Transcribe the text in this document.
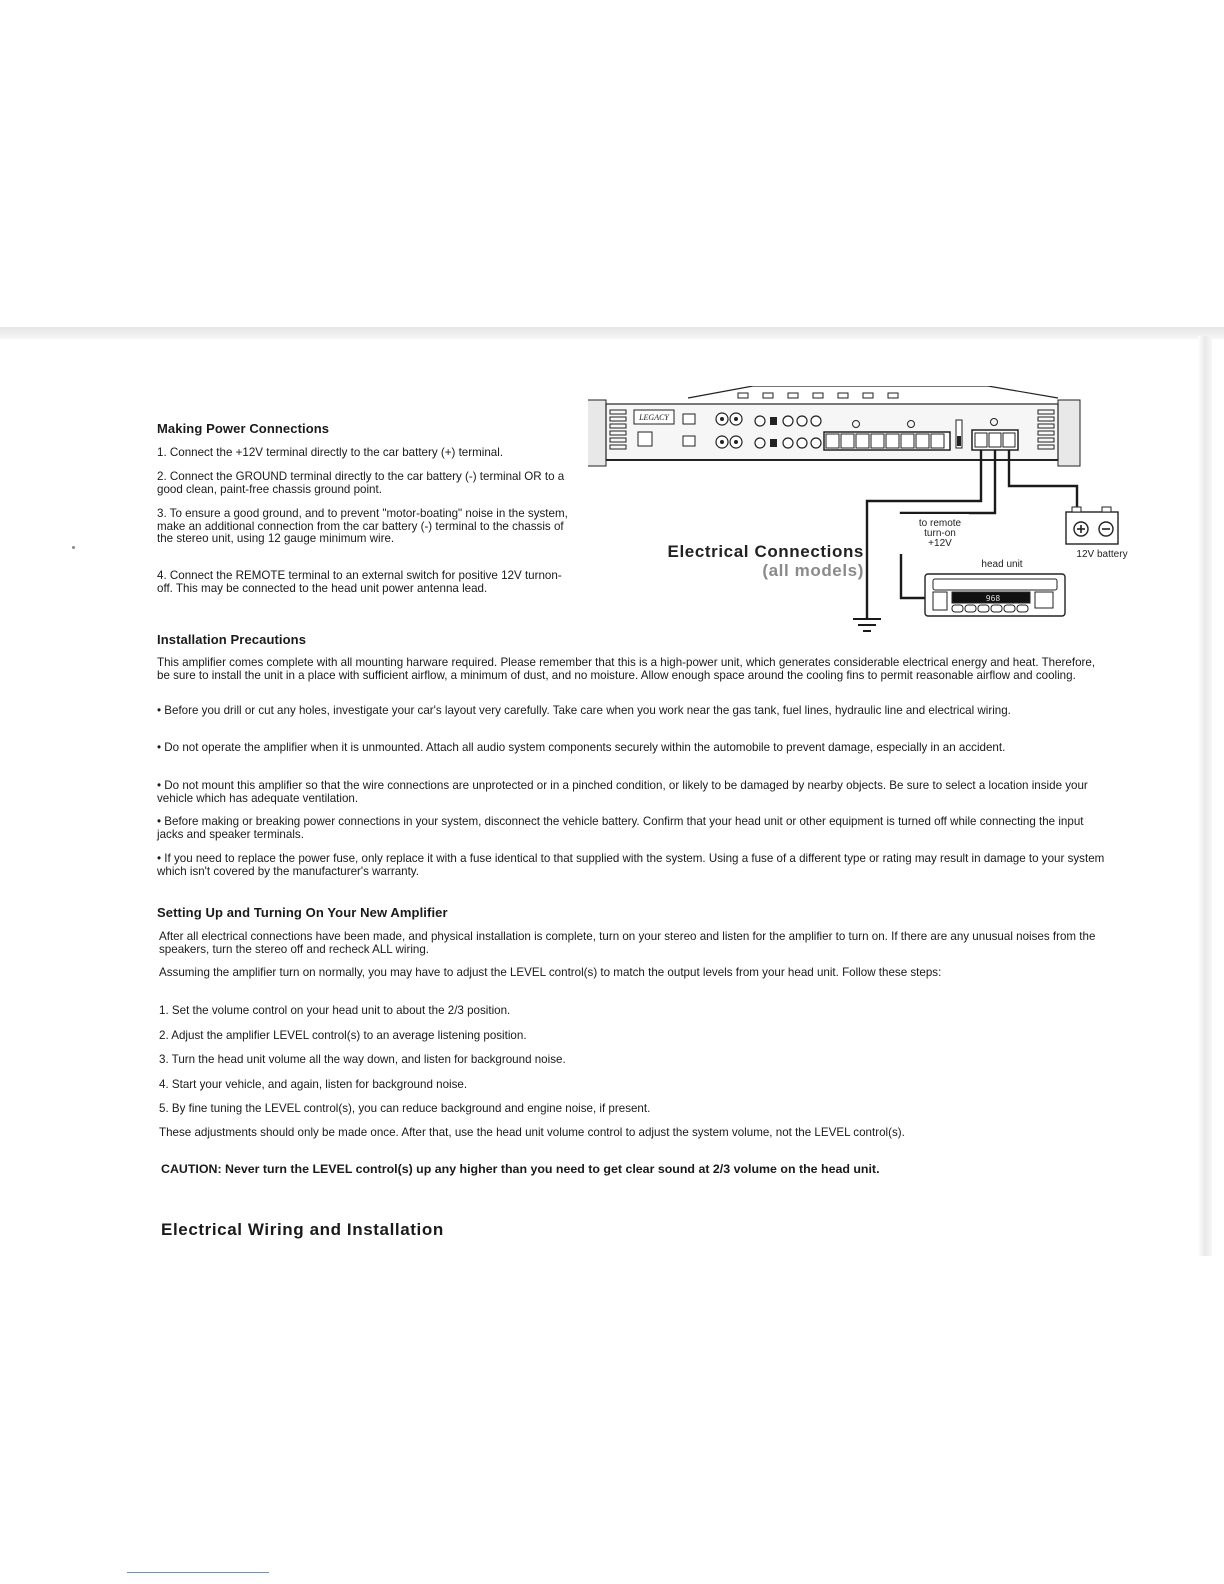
Making Power Connections

1. Connect the +12V terminal directly to the car battery (+) terminal.

2. Connect the GROUND terminal directly to the car battery (-) terminal OR to a good clean, paint-free chassis ground point.

3. To ensure a good ground, and to prevent "motor-boating" noise in the system, make an additional connection from the car battery (-) terminal to the chassis of the stereo unit, using 12 gauge minimum wire.

4. Connect the REMOTE terminal to an external switch for positive 12V turnon-off. This may be connected to the head unit power antenna lead.

LEGACY
968
Electrical Connections
(all models)
to remote
turn-on
+12V
head unit
12V battery
Installation Precautions

This amplifier comes complete with all mounting harware required. Please remember that this is a high-power unit, which generates considerable electrical energy and heat. Therefore, be sure to install the unit in a place with sufficient airflow, a minimum of dust, and no moisture. Allow enough space around the cooling fins to permit reasonable airflow and cooling.

• Before you drill or cut any holes, investigate your car's layout very carefully. Take care when you work near the gas tank, fuel lines, hydraulic line and electrical wiring.

• Do not operate the amplifier when it is unmounted. Attach all audio system components securely within the automobile to prevent damage, especially in an accident.

• Do not mount this amplifier so that the wire connections are unprotected or in a pinched condition, or likely to be damaged by nearby objects. Be sure to select a location inside your vehicle which has adequate ventilation.

• Before making or breaking power connections in your system, disconnect the vehicle battery. Confirm that your head unit or other equipment is turned off while connecting the input jacks and speaker terminals.

• If you need to replace the power fuse, only replace it with a fuse identical to that supplied with the system. Using a fuse of a different type or rating may result in damage to your system which isn't covered by the manufacturer's warranty.

Setting Up and Turning On Your New Amplifier

After all electrical connections have been made, and physical installation is complete, turn on your stereo and listen for the amplifier to turn on. If there are any unusual noises from the speakers, turn the stereo off and recheck ALL wiring.

Assuming the amplifier turn on normally, you may have to adjust the LEVEL control(s) to match the output levels from your head unit. Follow these steps:

1. Set the volume control on your head unit to about the 2/3 position.

2. Adjust the amplifier LEVEL control(s) to an average listening position.

3. Turn the head unit volume all the way down, and listen for background noise.

4. Start your vehicle, and again, listen for background noise.

5. By fine tuning the LEVEL control(s), you can reduce background and engine noise, if present.

These adjustments should only be made once. After that, use the head unit volume control to adjust the system volume, not the LEVEL control(s).

CAUTION: Never turn the LEVEL control(s) up any higher than you need to get clear sound at 2/3 volume on the head unit.
Electrical Wiring and Installation
